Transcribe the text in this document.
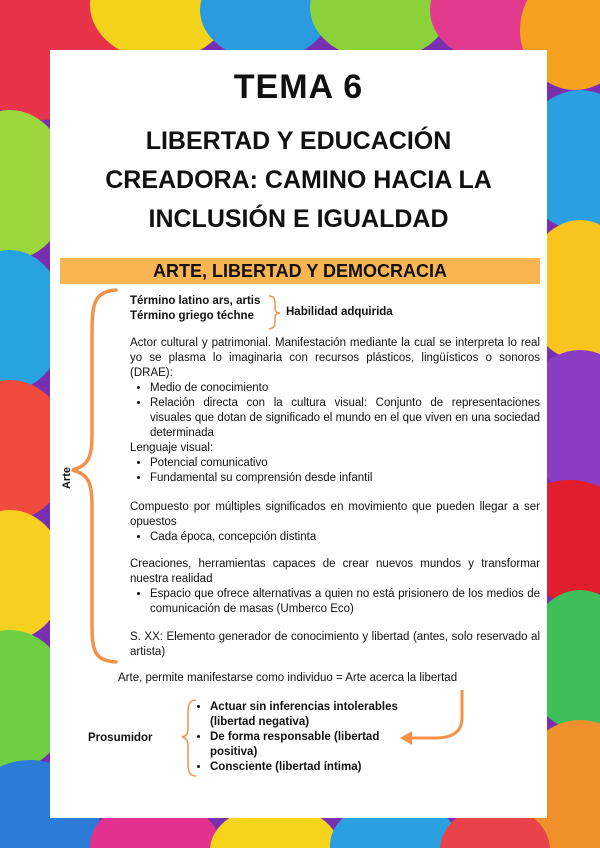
TEMA 6
LIBERTAD Y EDUCACIÓN
CREADORA: CAMINO HACIA LA
INCLUSIÓN E IGUALDAD
ARTE, LIBERTAD Y DEMOCRACIA
Arte
Término latino ars, artis
Término griego téchne	Habilidad adquirida
Actor cultural y patrimonial. Manifestación mediante la cual se interpreta lo real yo se plasma lo imaginaria con recursos plásticos, lingüísticos o sonoros (DRAE):
• Medio de conocimiento
• Relación directa con la cultura visual: Conjunto de representaciones visuales que dotan de significado el mundo en el que viven en una sociedad determinada
Lenguaje visual:
• Potencial comunicativo
• Fundamental su comprensión desde infantil
Compuesto por múltiples significados en movimiento que pueden llegar a ser opuestos
• Cada época, concepción distinta
Creaciones, herramientas capaces de crear nuevos mundos y transformar nuestra realidad
• Espacio que ofrece alternativas a quien no está prisionero de los medios de comunicación de masas (Umberco Eco)
S. XX: Elemento generador de conocimiento y libertad (antes, solo reservado al artista)
Arte, permite manifestarse como individuo = Arte acerca la libertad
Prosumidor
• Actuar sin inferencias intolerables (libertad negativa)
• De forma responsable (libertad positiva)
• Consciente (libertad íntima)
